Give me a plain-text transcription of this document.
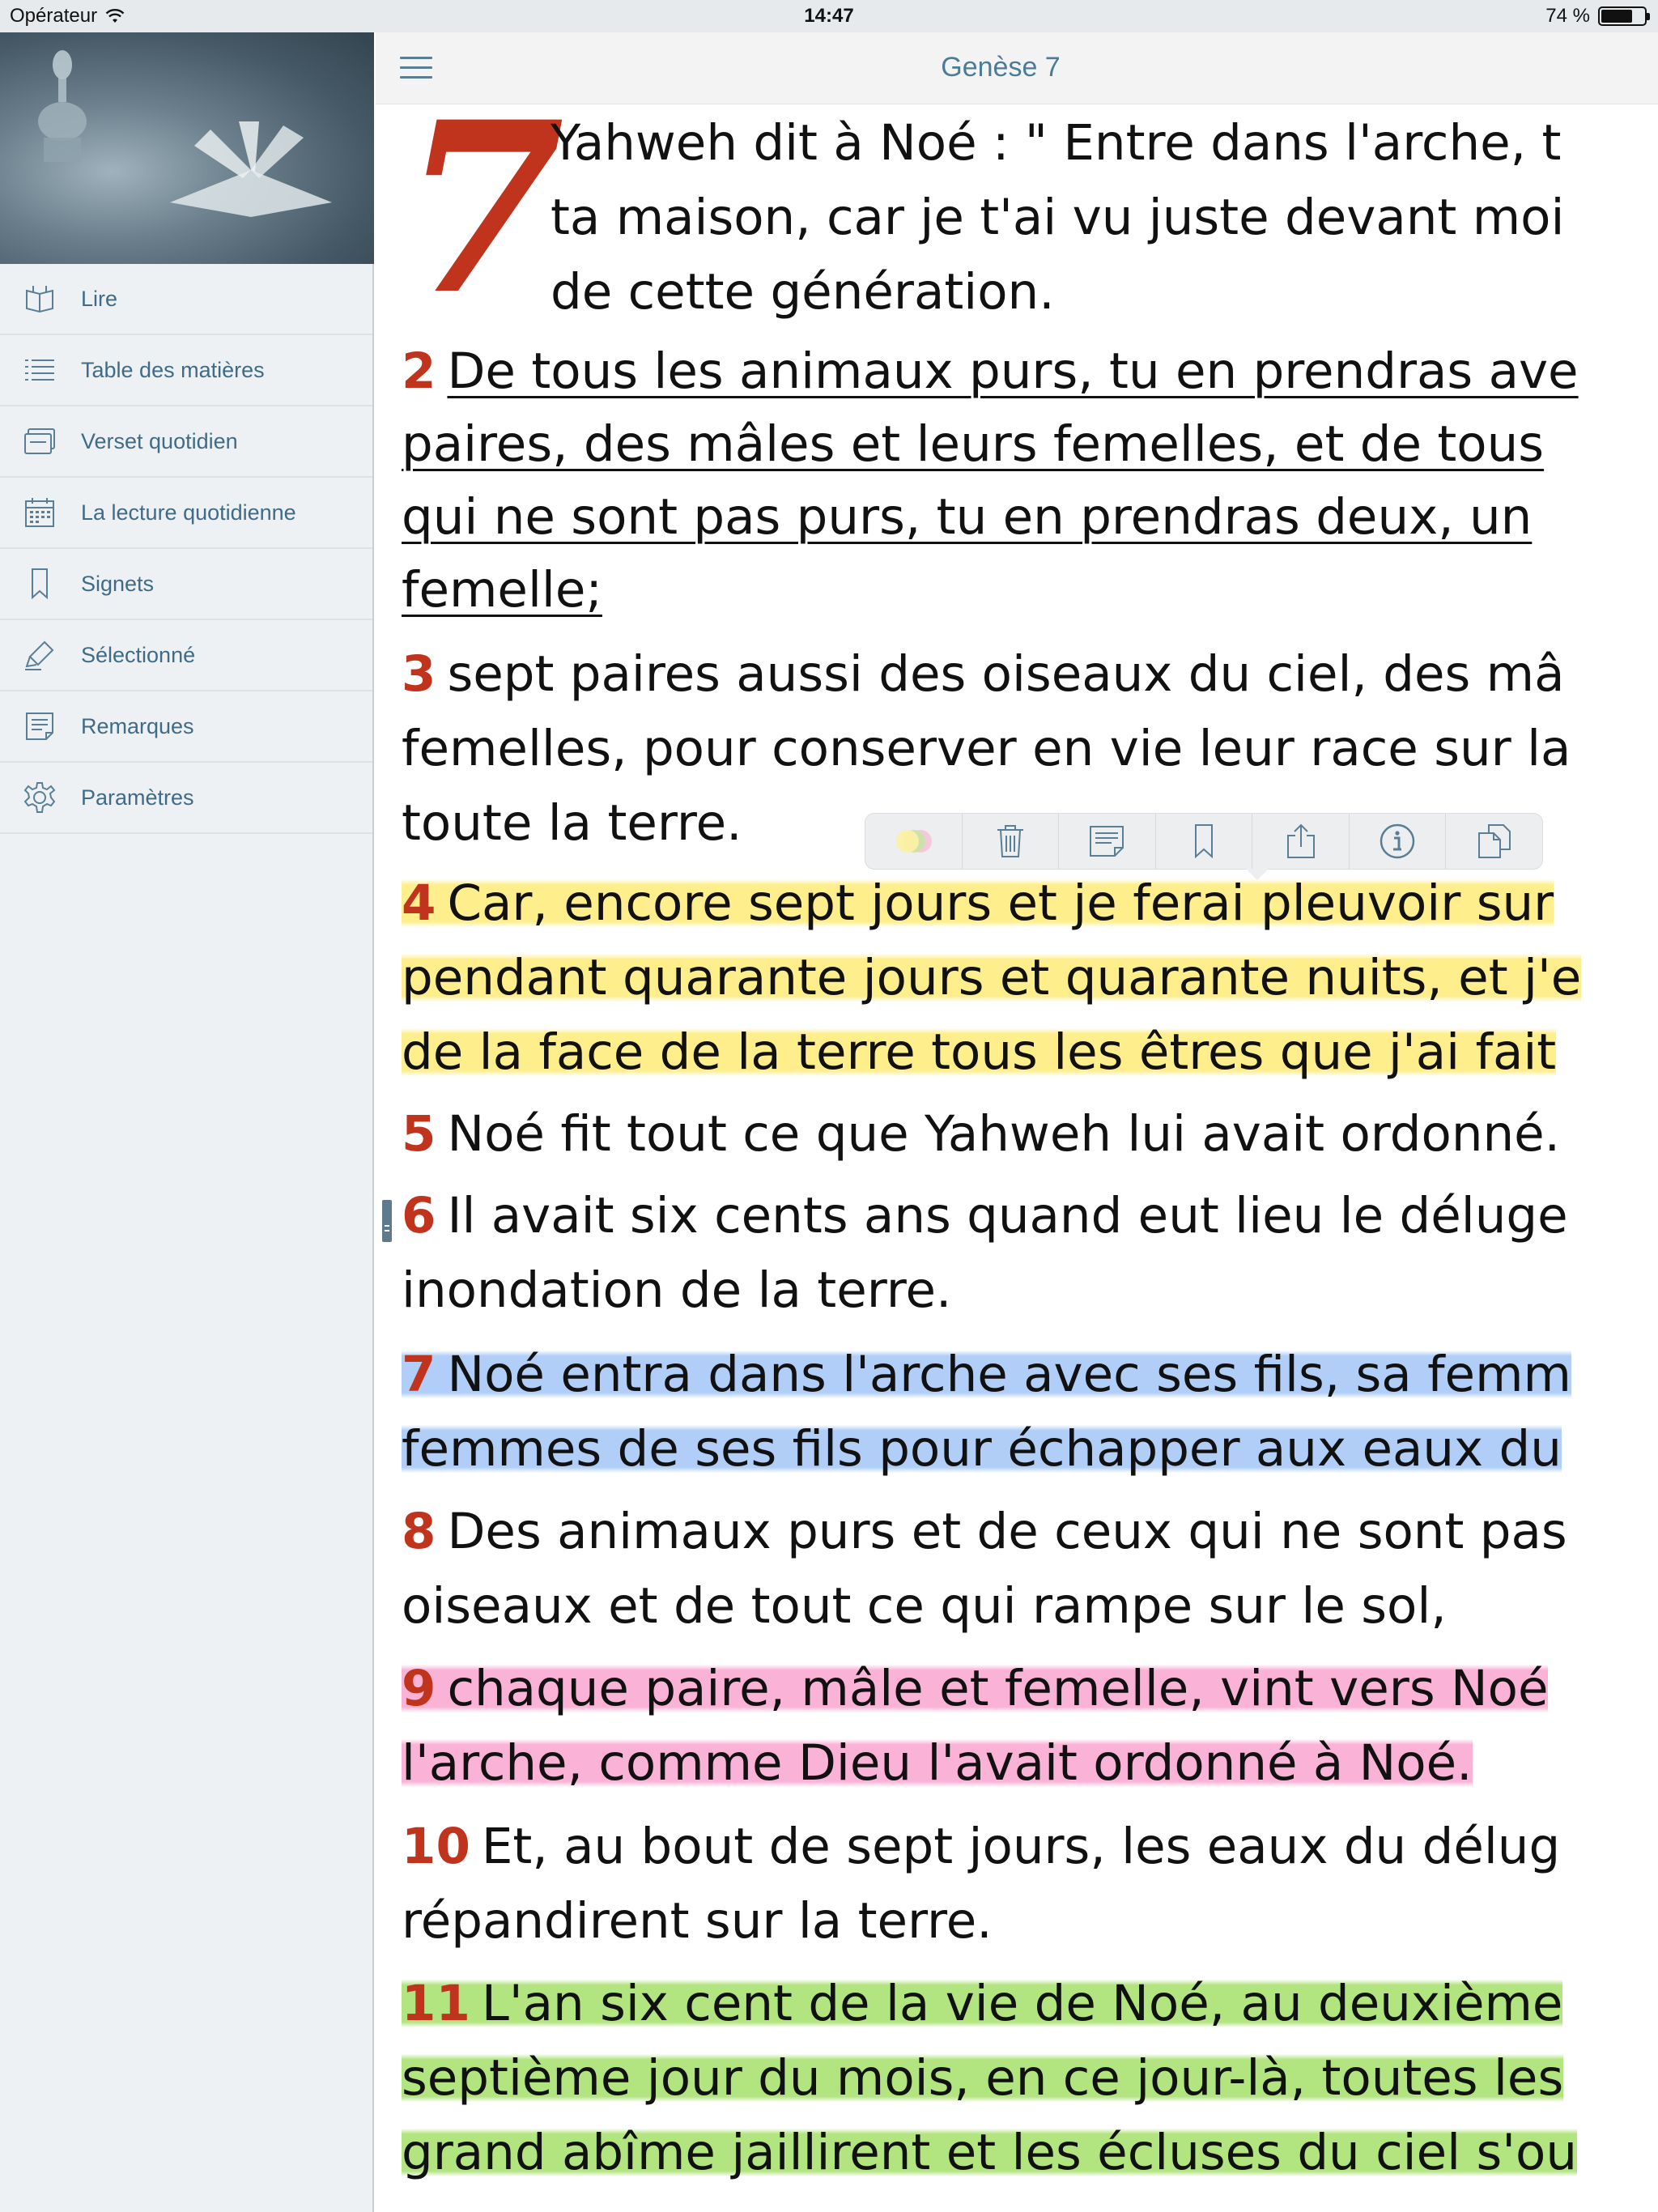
Opérateur	14:47	74 %
Lire
Table des matières
Verset quotidien
La lecture quotidienne
Signets
Sélectionné
Remarques
Paramètres
Genèse 7
7
Yahweh dit à Noé : " Entre dans l'arche, t
ta maison, car je t'ai vu juste devant moi
de cette génération.
2 De tous les animaux purs, tu en prendras ave
paires, des mâles et leurs femelles, et de tous
qui ne sont pas purs, tu en prendras deux, un
femelle;
3 sept paires aussi des oiseaux du ciel, des mâ
femelles, pour conserver en vie leur race sur la
toute la terre.
4 Car, encore sept jours et je ferai pleuvoir sur
pendant quarante jours et quarante nuits, et j'e
de la face de la terre tous les êtres que j'ai fait
5 Noé fit tout ce que Yahweh lui avait ordonné.
6 Il avait six cents ans quand eut lieu le déluge
inondation de la terre.
7 Noé entra dans l'arche avec ses fils, sa femm
femmes de ses fils pour échapper aux eaux du
8 Des animaux purs et de ceux qui ne sont pas
oiseaux et de tout ce qui rampe sur le sol,
9 chaque paire, mâle et femelle, vint vers Noé
l'arche, comme Dieu l'avait ordonné à Noé.
10 Et, au bout de sept jours, les eaux du délug
répandirent sur la terre.
11 L'an six cent de la vie de Noé, au deuxième
septième jour du mois, en ce jour-là, toutes les
grand abîme jaillirent et les écluses du ciel s'ou
